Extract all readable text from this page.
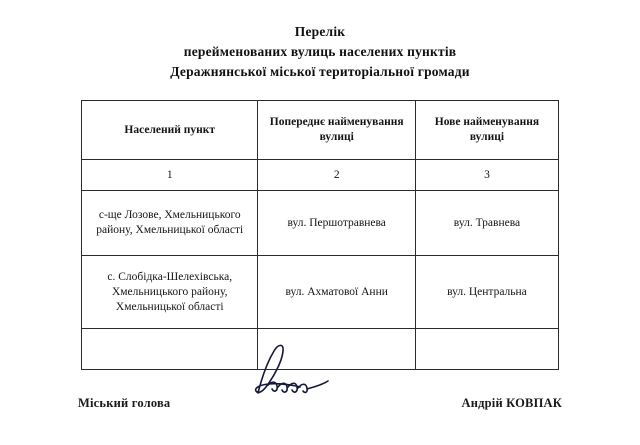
Перелік
перейменованих вулиць населених пунктів
Деражнянської міської територіальної громади
Населений пункт	Попереднє найменування вулиці	Нове найменування вулиці
1	2	3
с-ще Лозове, Хмельницького району, Хмельницької області	вул. Першотравнева	вул. Травнева
с. Слобідка-Шелехівська, Хмельницького району, Хмельницької області	вул. Ахматової Анни	вул. Центральна

Міський голова	Андрій КОВПАК
